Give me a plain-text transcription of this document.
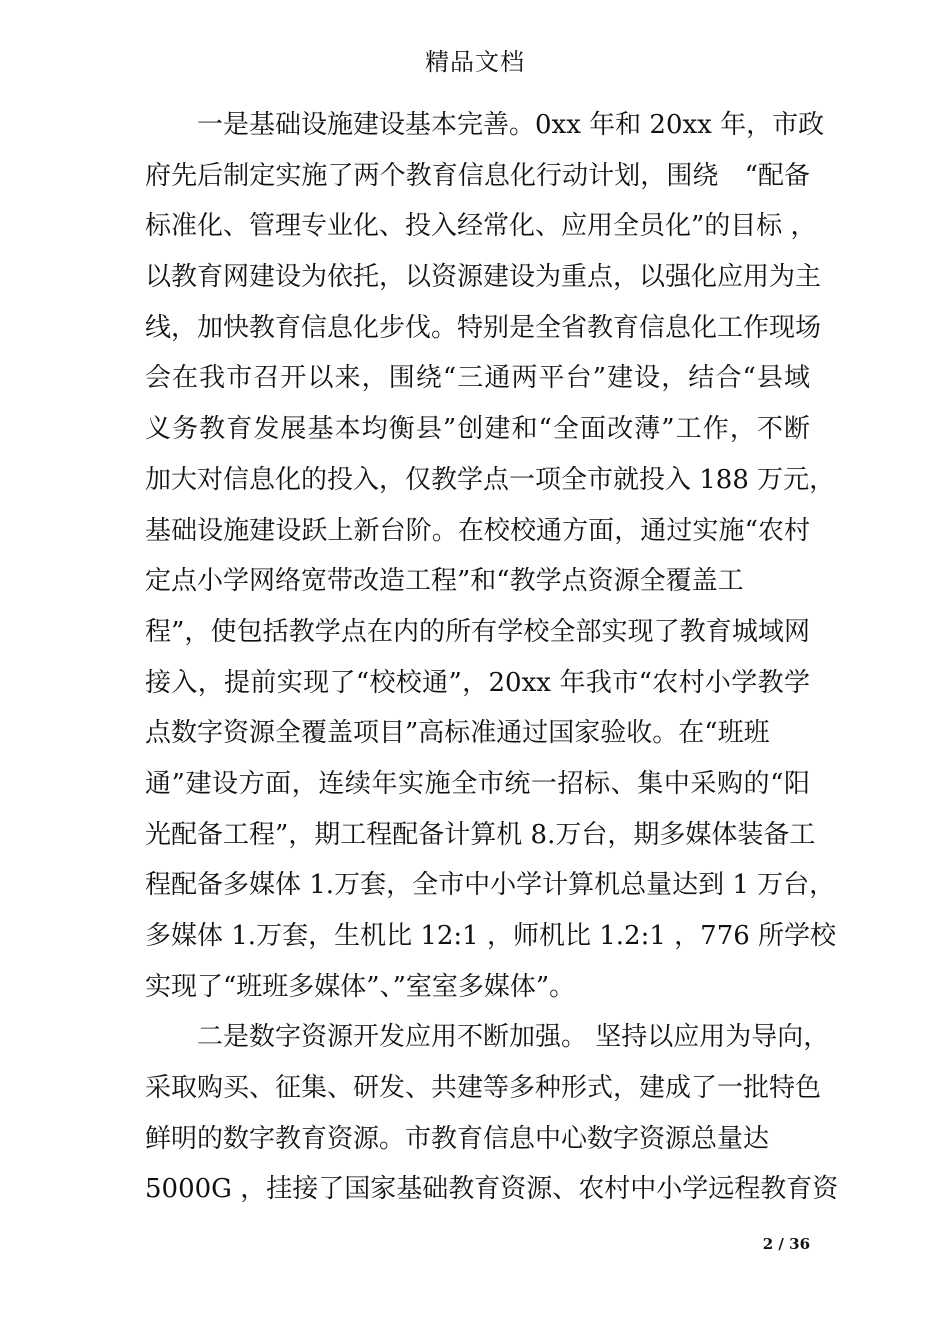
精品文档
一是基础设施建设基本完善。0xx 年和 20xx 年，市政
府先后制定实施了两个教育信息化行动计划，围绕　“配备
标准化、管理专业化、投入经常化、应用全员化”的目标 ，
以教育网建设为依托，以资源建设为重点，以强化应用为主
线，加快教育信息化步伐。特别是全省教育信息化工作现场
会在我市召开以来，围绕“三通两平台”建设，结合“县域
义务教育发展基本均衡县”创建和“全面改薄”工作，不断
加大对信息化的投入，仅教学点一项全市就投入 188 万元，
基础设施建设跃上新台阶。在校校通方面，通过实施“农村
定点小学网络宽带改造工程”和“教学点资源全覆盖工
程”，使包括教学点在内的所有学校全部实现了教育城域网
接入，提前实现了“校校通”，20xx 年我市“农村小学教学
点数字资源全覆盖项目”高标准通过国家验收。在“班班
通”建设方面，连续年实施全市统一招标、集中采购的“阳
光配备工程”，期工程配备计算机 8.万台，期多媒体装备工
程配备多媒体 1.万套，全市中小学计算机总量达到 1 万台，
多媒体 1.万套，生机比 12:1 ，师机比 1.2:1 ，776 所学校
实现了“班班多媒体”、”室室多媒体”。
二是数字资源开发应用不断加强。 坚持以应用为导向，
采取购买、征集、研发、共建等多种形式，建成了一批特色
鲜明的数字教育资源。市教育信息中心数字资源总量达
5000G ，挂接了国家基础教育资源、农村中小学远程教育资
2 / 36
